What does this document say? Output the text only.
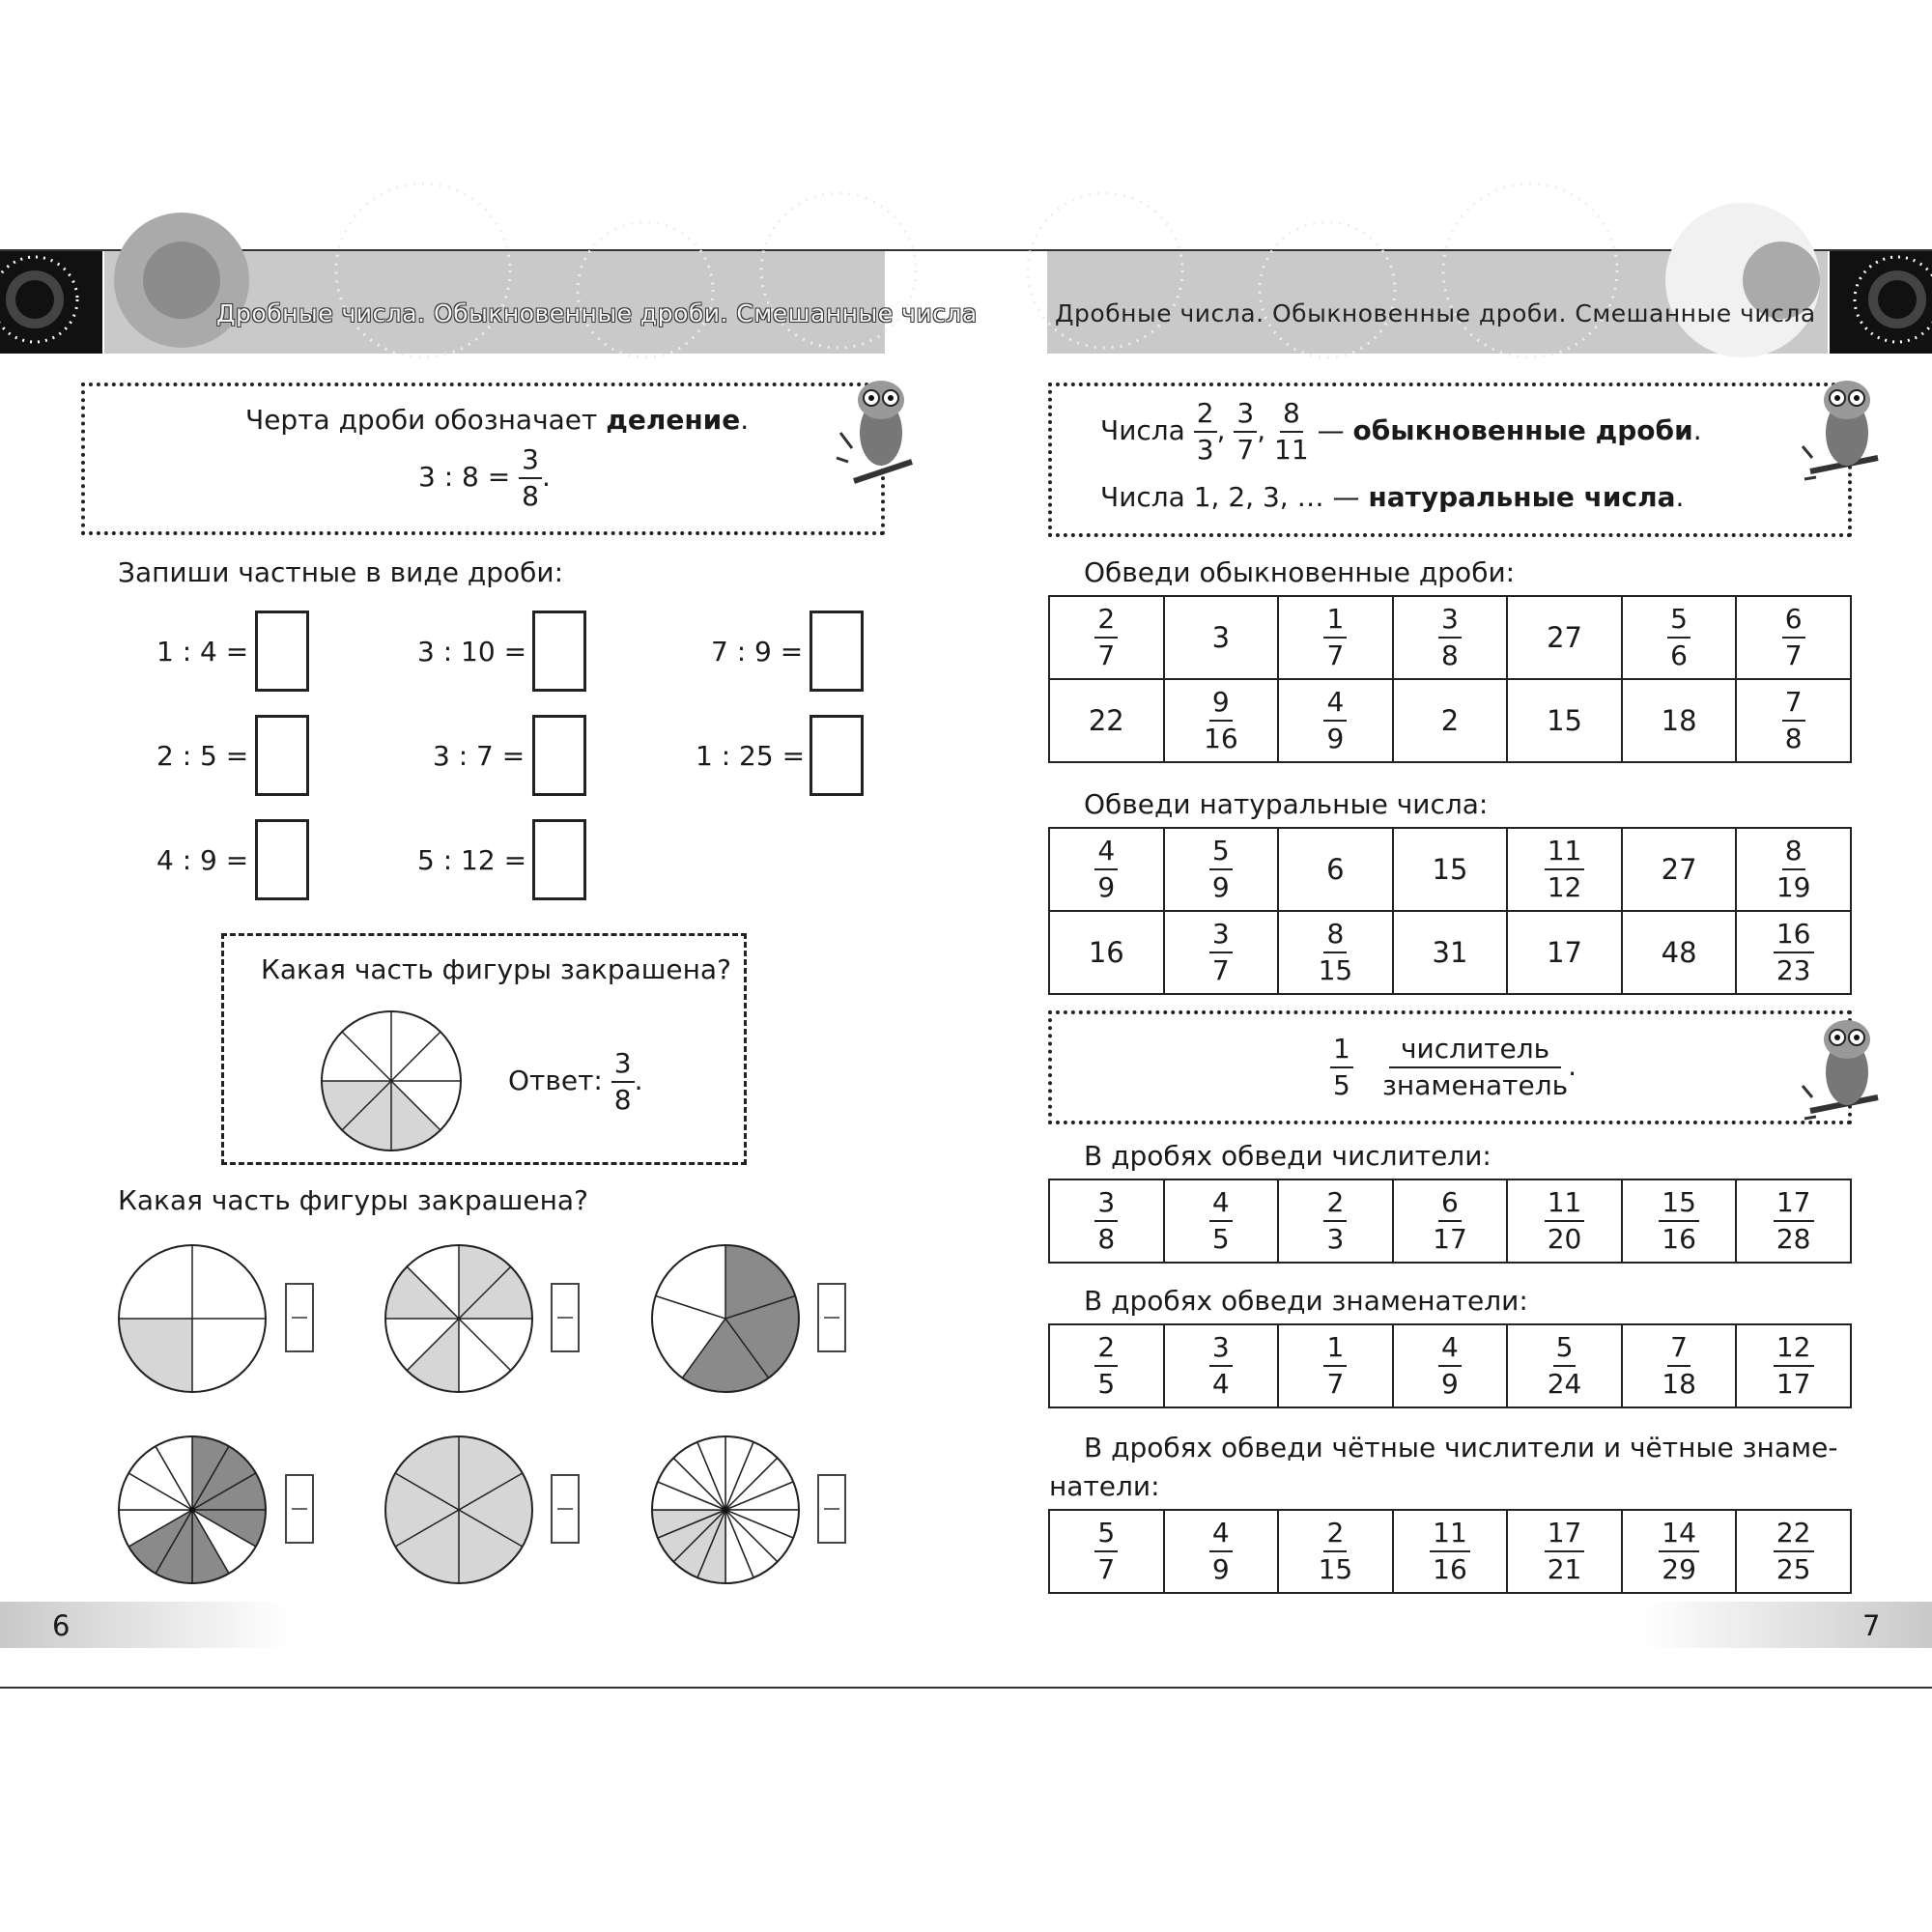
Дробные числа. Обыкновенные дроби. Смешанные числа	Дробные числа. Обыкновенные дроби. Смешанные числа
Черта дроби обозначает деление.
3 : $8 = \frac{3}{8}$ .
Запиши частные в виде дроби:
1 : 4 =	3 : 10 =	7 : 9 =
2 : 5 =	3 : 7 =	1 : 25 =
4 : 9 =	5 : 12 =
Какая часть фигуры закрашена?
Ответ: $\frac{3}{8}$ .
Какая часть фигуры закрашена?
Числа $\frac{2}{3}$ , $\frac{3}{7}$ , $\frac{8}{11}$ — обыкновенные дроби.
Числа 1, 2, 3, … — натуральные числа.
Обведи обыкновенные дроби:
$\frac{2}{7}$	3	$\frac{1}{7}$	$\frac{3}{8}$	27	$\frac{5}{6}$	$\frac{6}{7}$

22	$\frac{9}{16}$	$\frac{4}{9}$	2	15	18	$\frac{7}{8}$
Обведи натуральные числа:
$\frac{4}{9}$	$\frac{5}{9}$	6	15	$\frac{11}{12}$	27	$\frac{8}{19}$

16	$\frac{3}{7}$	$\frac{8}{15}$	31	17	48	$\frac{16}{23}$
$\frac{1}{5} \frac{\text{числитель}}{\text{знаменатель}}$ .
В дробях обведи числители:
$\frac{3}{8}$	$\frac{4}{5}$	$\frac{2}{3}$	$\frac{6}{17}$	$\frac{11}{20}$	$\frac{15}{16}$	$\frac{17}{28}$
В дробях обведи знаменатели:
$\frac{2}{5}$	$\frac{3}{4}$	$\frac{1}{7}$	$\frac{4}{9}$	$\frac{5}{24}$	$\frac{7}{18}$	$\frac{12}{17}$
В дробях обведи чётные числители и чётные знаме-
натели:
$\frac{5}{7}$	$\frac{4}{9}$	$\frac{2}{15}$	$\frac{11}{16}$	$\frac{17}{21}$	$\frac{14}{29}$	$\frac{22}{25}$
6	7
